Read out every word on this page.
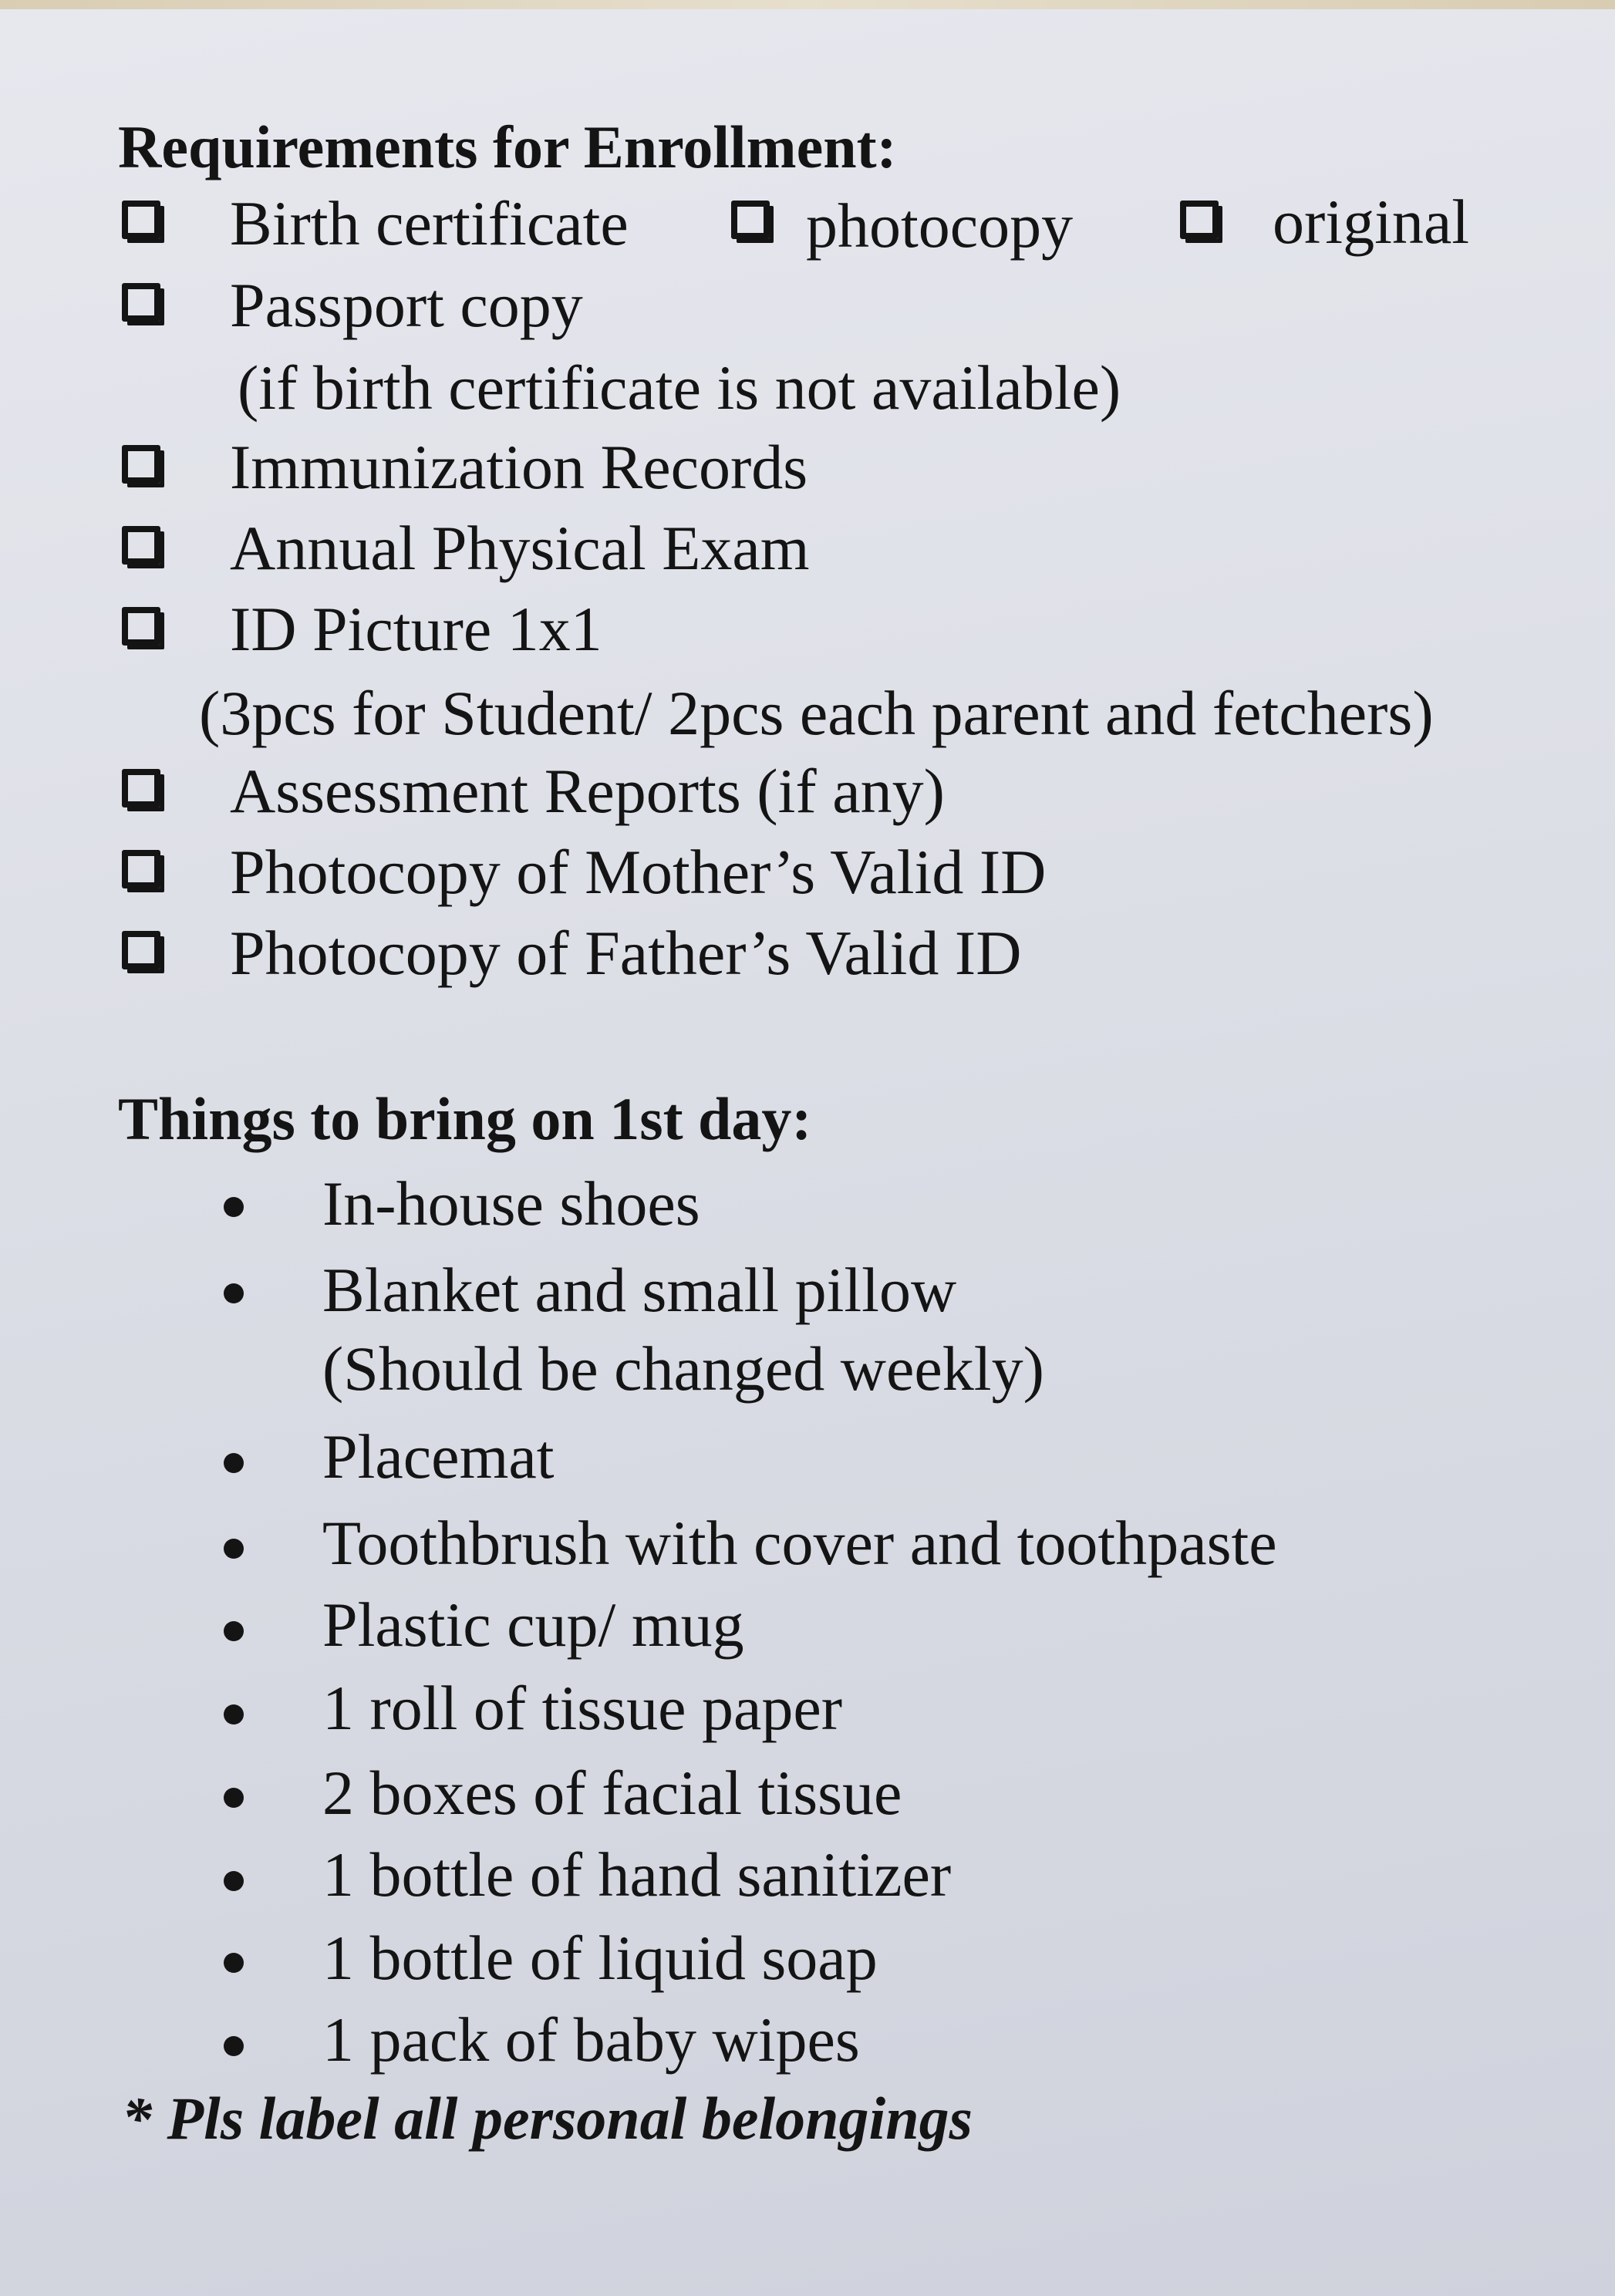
Requirements for Enrollment:
Birth certificate	photocopy	original
Passport copy
(if birth certificate is not available)
Immunization Records
Annual Physical Exam
ID Picture 1x1
(3pcs for Student/ 2pcs each parent and fetchers)
Assessment Reports (if any)
Photocopy of Mother’s Valid ID
Photocopy of Father’s Valid ID
Things to bring on 1st day:
In-house shoes
Blanket and small pillow
(Should be changed weekly)
Placemat
Toothbrush with cover and toothpaste
Plastic cup/ mug
1 roll of tissue paper
2 boxes of facial tissue
1 bottle of hand sanitizer
1 bottle of liquid soap
1 pack of baby wipes
* Pls label all personal belongings
